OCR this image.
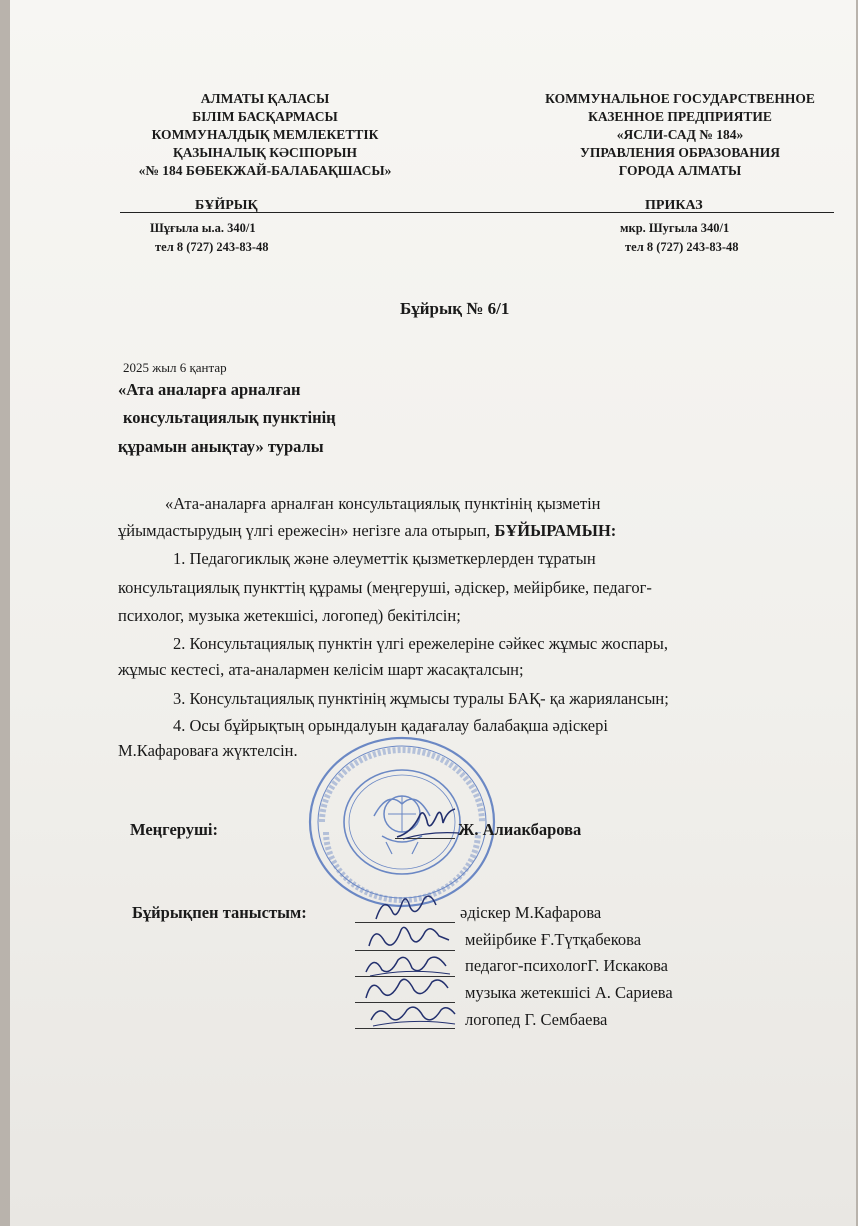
АЛМАТЫ ҚАЛАСЫ
БІЛІМ БАСҚАРМАСЫ
КОММУНАЛДЫҚ МЕМЛЕКЕТТІК
ҚАЗЫНАЛЫҚ КӘСІПОРЫН
«№ 184 БӨБЕКЖАЙ-БАЛАБАҚШАСЫ»
КОММУНАЛЬНОЕ ГОСУДАРСТВЕННОЕ
КАЗЕННОЕ ПРЕДПРИЯТИЕ
«ЯСЛИ-САД № 184»
УПРАВЛЕНИЯ ОБРАЗОВАНИЯ
ГОРОДА АЛМАТЫ
БҰЙРЫҚ	ПРИКАЗ
Шұғыла ы.а. 340/1
тел 8 (727) 243-83-48
мкр. Шугыла 340/1
тел 8 (727) 243-83-48
Бұйрық № 6/1
2025 жыл 6 қантар
«Ата аналарға арналған
консультациялық пунктінің
құрамын анықтау» туралы
«Ата-аналарға арналған консультациялық пунктінің қызметін
ұйымдастырудың үлгі ережесін» негізге ала отырып, БҰЙЫРАМЫН:
1. Педагогиклық және әлеуметтік қызметкерлерден тұратын
консультациялық пункттің құрамы (меңгеруші, әдіскер, мейірбике, педагог-
психолог, музыка жетекшісі, логопед) бекітілсін;
2. Консультациялық пунктін үлгі ережелеріне сәйкес жұмыс жоспары,
жұмыс кестесі, ата-аналармен келісім шарт жасақталсын;
3. Консультациялық пунктінің жұмысы туралы БАҚ- қа жариялансын;
4. Осы бұйрықтың орындалуын қадағалау балабақша әдіскері
М.Кафароваға жүктелсін.
Меңгеруші:	Ж. Алиакбарова
Бұйрықпен таныстым:	әдіскер М.Кафарова
мейірбике Ғ.Түтқабекова
педагог-психологГ. Искакова
музыка жетекшісі А. Сариева
логопед Г. Сембаева
